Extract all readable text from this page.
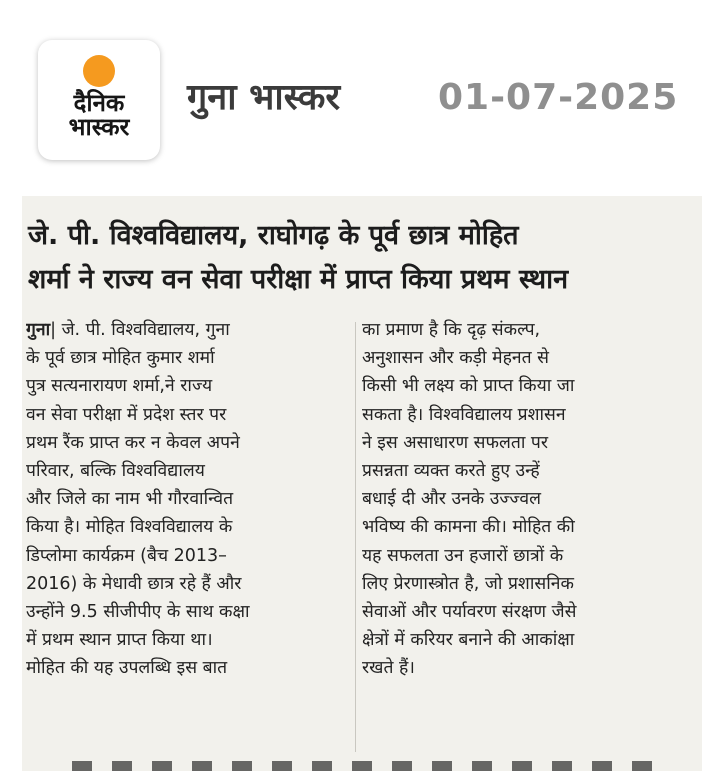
दैनिक
भास्कर
गुना भास्कर	01-07-2025
जे. पी. विश्वविद्यालय, राघोगढ़ के पूर्व छात्र मोहित
शर्मा ने राज्य वन सेवा परीक्षा में प्राप्त किया प्रथम स्थान
गुना| जे. पी. विश्वविद्यालय, गुना
के पूर्व छात्र मोहित कुमार शर्मा
पुत्र सत्यनारायण शर्मा,ने राज्य
वन सेवा परीक्षा में प्रदेश स्तर पर
प्रथम रैंक प्राप्त कर न केवल अपने
परिवार, बल्कि विश्वविद्यालय
और जिले का नाम भी गौरवान्वित
किया है। मोहित विश्वविद्यालय के
डिप्लोमा कार्यक्रम (बैच 2013–
2016) के मेधावी छात्र रहे हैं और
उन्होंने 9.5 सीजीपीए के साथ कक्षा
में प्रथम स्थान प्राप्त किया था।
मोहित की यह उपलब्धि इस बात
का प्रमाण है कि दृढ़ संकल्प,
अनुशासन और कड़ी मेहनत से
किसी भी लक्ष्य को प्राप्त किया जा
सकता है। विश्वविद्यालय प्रशासन
ने इस असाधारण सफलता पर
प्रसन्नता व्यक्त करते हुए उन्हें
बधाई दी और उनके उज्ज्वल
भविष्य की कामना की। मोहित की
यह सफलता उन हजारों छात्रों के
लिए प्रेरणास्त्रोत है, जो प्रशासनिक
सेवाओं और पर्यावरण संरक्षण जैसे
क्षेत्रों में करियर बनाने की आकांक्षा
रखते हैं।
